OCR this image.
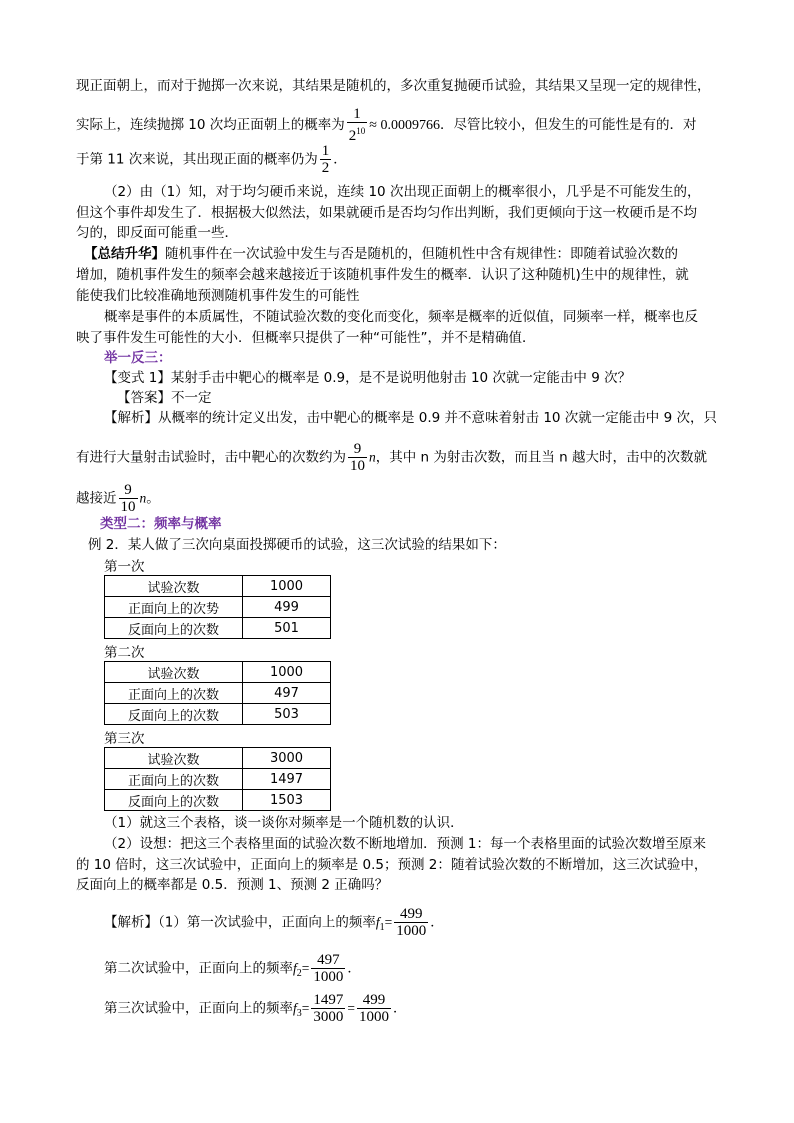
现正面朝上，而对于抛掷一次来说，其结果是随机的，多次重复抛硬币试验，其结果又呈现一定的规律性，
实际上，连续抛掷 10 次均正面朝上的概率为 $\frac{1}{2^{10}} \approx 0.0009766$．尽管比较小，但发生的可能性是有的．对
于第 11 次来说，其出现正面的概率仍为 $\frac{1}{2}$ ．
（2）由（1）知，对于均匀硬币来说，连续 10 次出现正面朝上的概率很小，几乎是不可能发生的，
但这个事件却发生了．根据极大似然法，如果就硬币是否均匀作出判断，我们更倾向于这一枚硬币是不均
匀的，即反面可能重一些．
【总结升华】随机事件在一次试验中发生与否是随机的，但随机性中含有规律性：即随着试验次数的
增加，随机事件发生的频率会越来越接近于该随机事件发生的概率．认识了这种随机)生中的规律性，就
能使我们比较准确地预测随机事件发生的可能性
概率是事件的本质属性，不随试验次数的变化而变化，频率是概率的近似值，同频率一样，概率也反
映了事件发生可能性的大小．但概率只提供了一种“可能性”，并不是精确值．
举一反三：
【变式 1】某射手击中靶心的概率是 0.9，是不是说明他射击 10 次就一定能击中 9 次？
【答案】不一定
【解析】从概率的统计定义出发，击中靶心的概率是 0.9 并不意味着射击 10 次就一定能击中 9 次，只
有进行大量射击试验时，击中靶心的次数约为 $\frac{9}{10}$ n，其中 n 为射击次数，而且当 n 越大时，击中的次数就
越接近 $\frac{9}{10}$ n。
类型二：频率与概率
例 2．某人做了三次向桌面投掷硬币的试验，这三次试验的结果如下：
第一次
试验次数	1000
正面向上的次势	499
反面向上的次数	501
第二次
试验次数	1000
正面向上的次数	497
反面向上的次数	503
第三次
试验次数	3000
正面向上的次数	1497
反面向上的次数	1503
（1）就这三个表格，谈一谈你对频率是一个随机数的认识．
（2）设想：把这三个表格里面的试验次数不断地增加．预测 1：每一个表格里面的试验次数增至原来
的 10 倍时，这三次试验中，正面向上的频率是 0.5；预测 2：随着试验次数的不断增加，这三次试验中，
反面向上的概率都是 0.5．预测 1、预测 2 正确吗？
【解析】（1）第一次试验中，正面向上的频率$f_1= \frac{499}{1000}$ ．
第二次试验中，正面向上的频率$f_2= \frac{497}{1000}$ ．
第三次试验中，正面向上的频率$f_3= \frac{1497}{3000} = \frac{499}{1000}$ ．
